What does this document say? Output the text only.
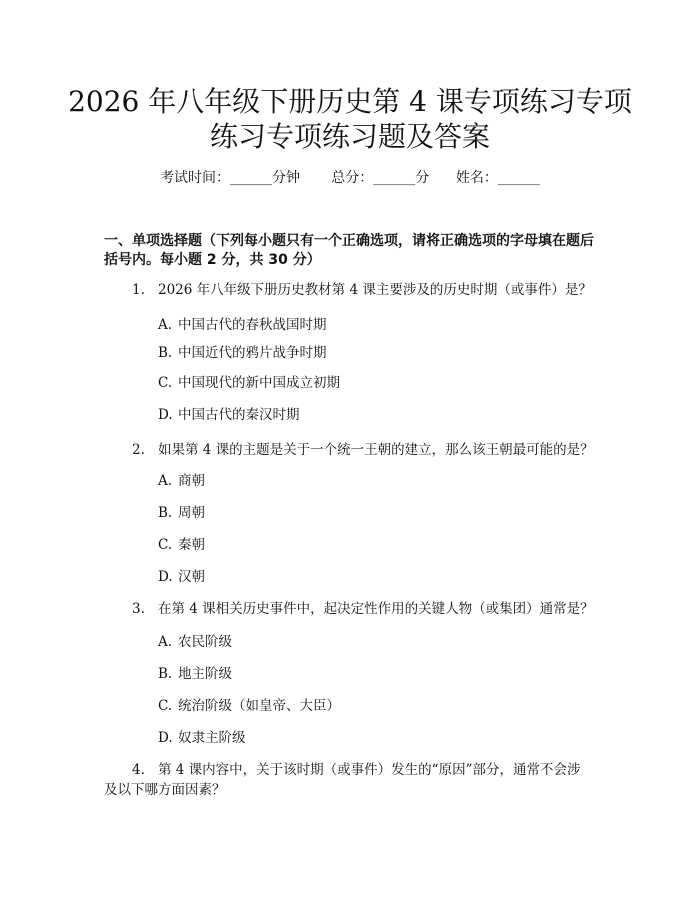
2026 年八年级下册历史第 4 课专项练习专项
练习专项练习题及答案
考试时间：______分钟 总分：______分 姓名：______
一、单项选择题（下列每小题只有一个正确选项，请将正确选项的字母填在题后
括号内。每小题 2 分，共 30 分）
1. 2026 年八年级下册历史教材第 4 课主要涉及的历史时期（或事件）是？
A. 中国古代的春秋战国时期
B. 中国近代的鸦片战争时期
C. 中国现代的新中国成立初期
D. 中国古代的秦汉时期
2. 如果第 4 课的主题是关于一个统一王朝的建立，那么该王朝最可能的是？
A. 商朝
B. 周朝
C. 秦朝
D. 汉朝
3. 在第 4 课相关历史事件中，起决定性作用的关键人物（或集团）通常是？
A. 农民阶级
B. 地主阶级
C. 统治阶级（如皇帝、大臣）
D. 奴隶主阶级
4. 第 4 课内容中，关于该时期（或事件）发生的“原因”部分，通常不会涉
及以下哪方面因素？
